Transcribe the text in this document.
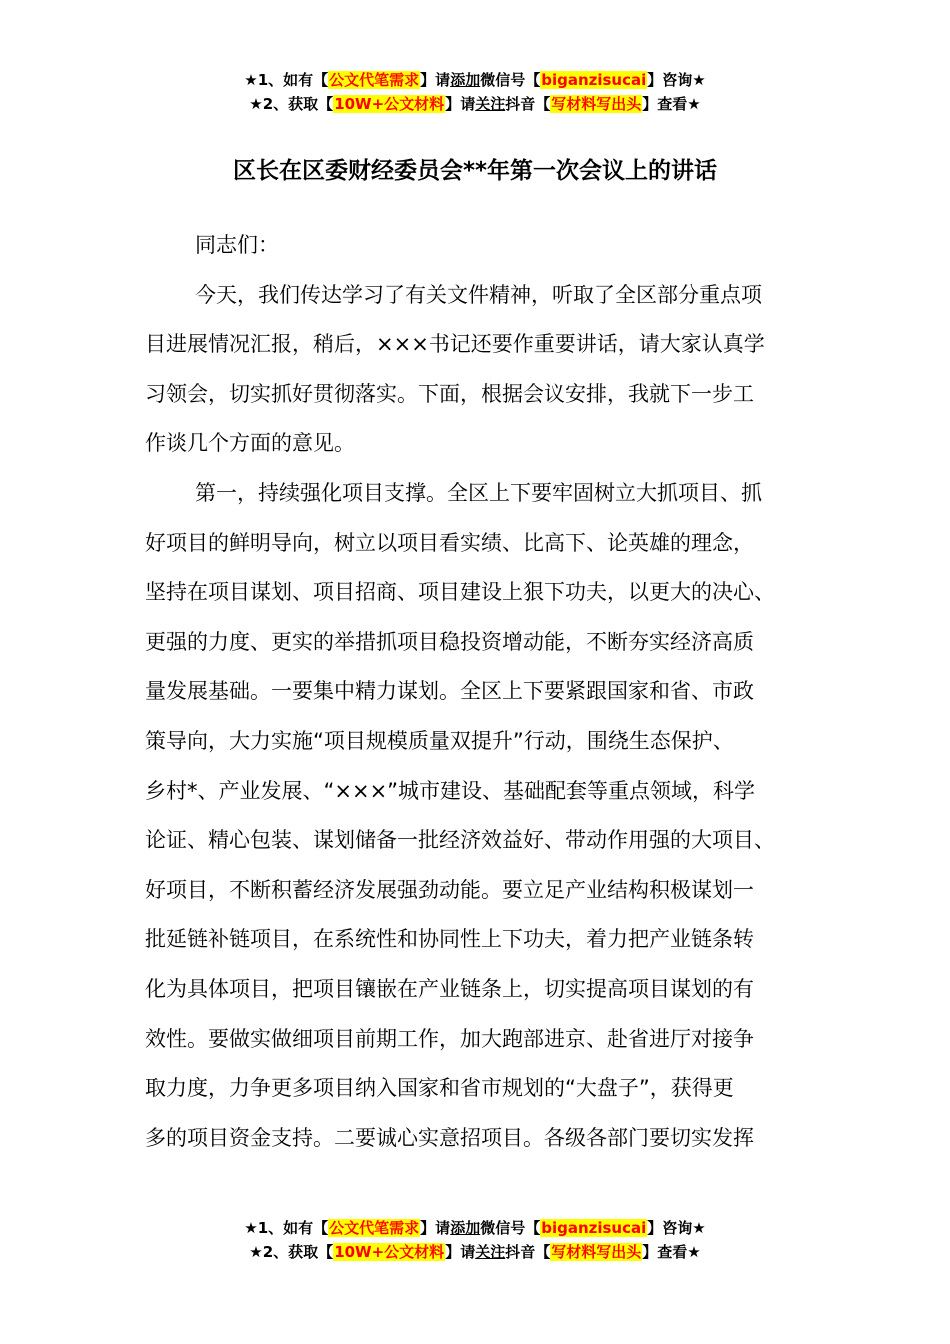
★1、如有【公文代笔需求】请添加微信号【biganzisucai】咨询★
★2、获取【10W+公文材料】请关注抖音【写材料写出头】查看★
区长在区委财经委员会**年第一次会议上的讲话
同志们：
今天，我们传达学习了有关文件精神，听取了全区部分重点项
目进展情况汇报，稍后，×××书记还要作重要讲话，请大家认真学
习领会，切实抓好贯彻落实。下面，根据会议安排，我就下一步工
作谈几个方面的意见。
第一，持续强化项目支撑。全区上下要牢固树立大抓项目、抓
好项目的鲜明导向，树立以项目看实绩、比高下、论英雄的理念，
坚持在项目谋划、项目招商、项目建设上狠下功夫，以更大的决心、
更强的力度、更实的举措抓项目稳投资增动能，不断夯实经济高质
量发展基础。一要集中精力谋划。全区上下要紧跟国家和省、市政
策导向，大力实施“项目规模质量双提升”行动，围绕生态保护、
乡村*、产业发展、“×××”城市建设、基础配套等重点领域，科学
论证、精心包装、谋划储备一批经济效益好、带动作用强的大项目、
好项目，不断积蓄经济发展强劲动能。要立足产业结构积极谋划一
批延链补链项目，在系统性和协同性上下功夫，着力把产业链条转
化为具体项目，把项目镶嵌在产业链条上，切实提高项目谋划的有
效性。要做实做细项目前期工作，加大跑部进京、赴省进厅对接争
取力度，力争更多项目纳入国家和省市规划的“大盘子”，获得更
多的项目资金支持。二要诚心实意招项目。各级各部门要切实发挥
★1、如有【公文代笔需求】请添加微信号【biganzisucai】咨询★
★2、获取【10W+公文材料】请关注抖音【写材料写出头】查看★
